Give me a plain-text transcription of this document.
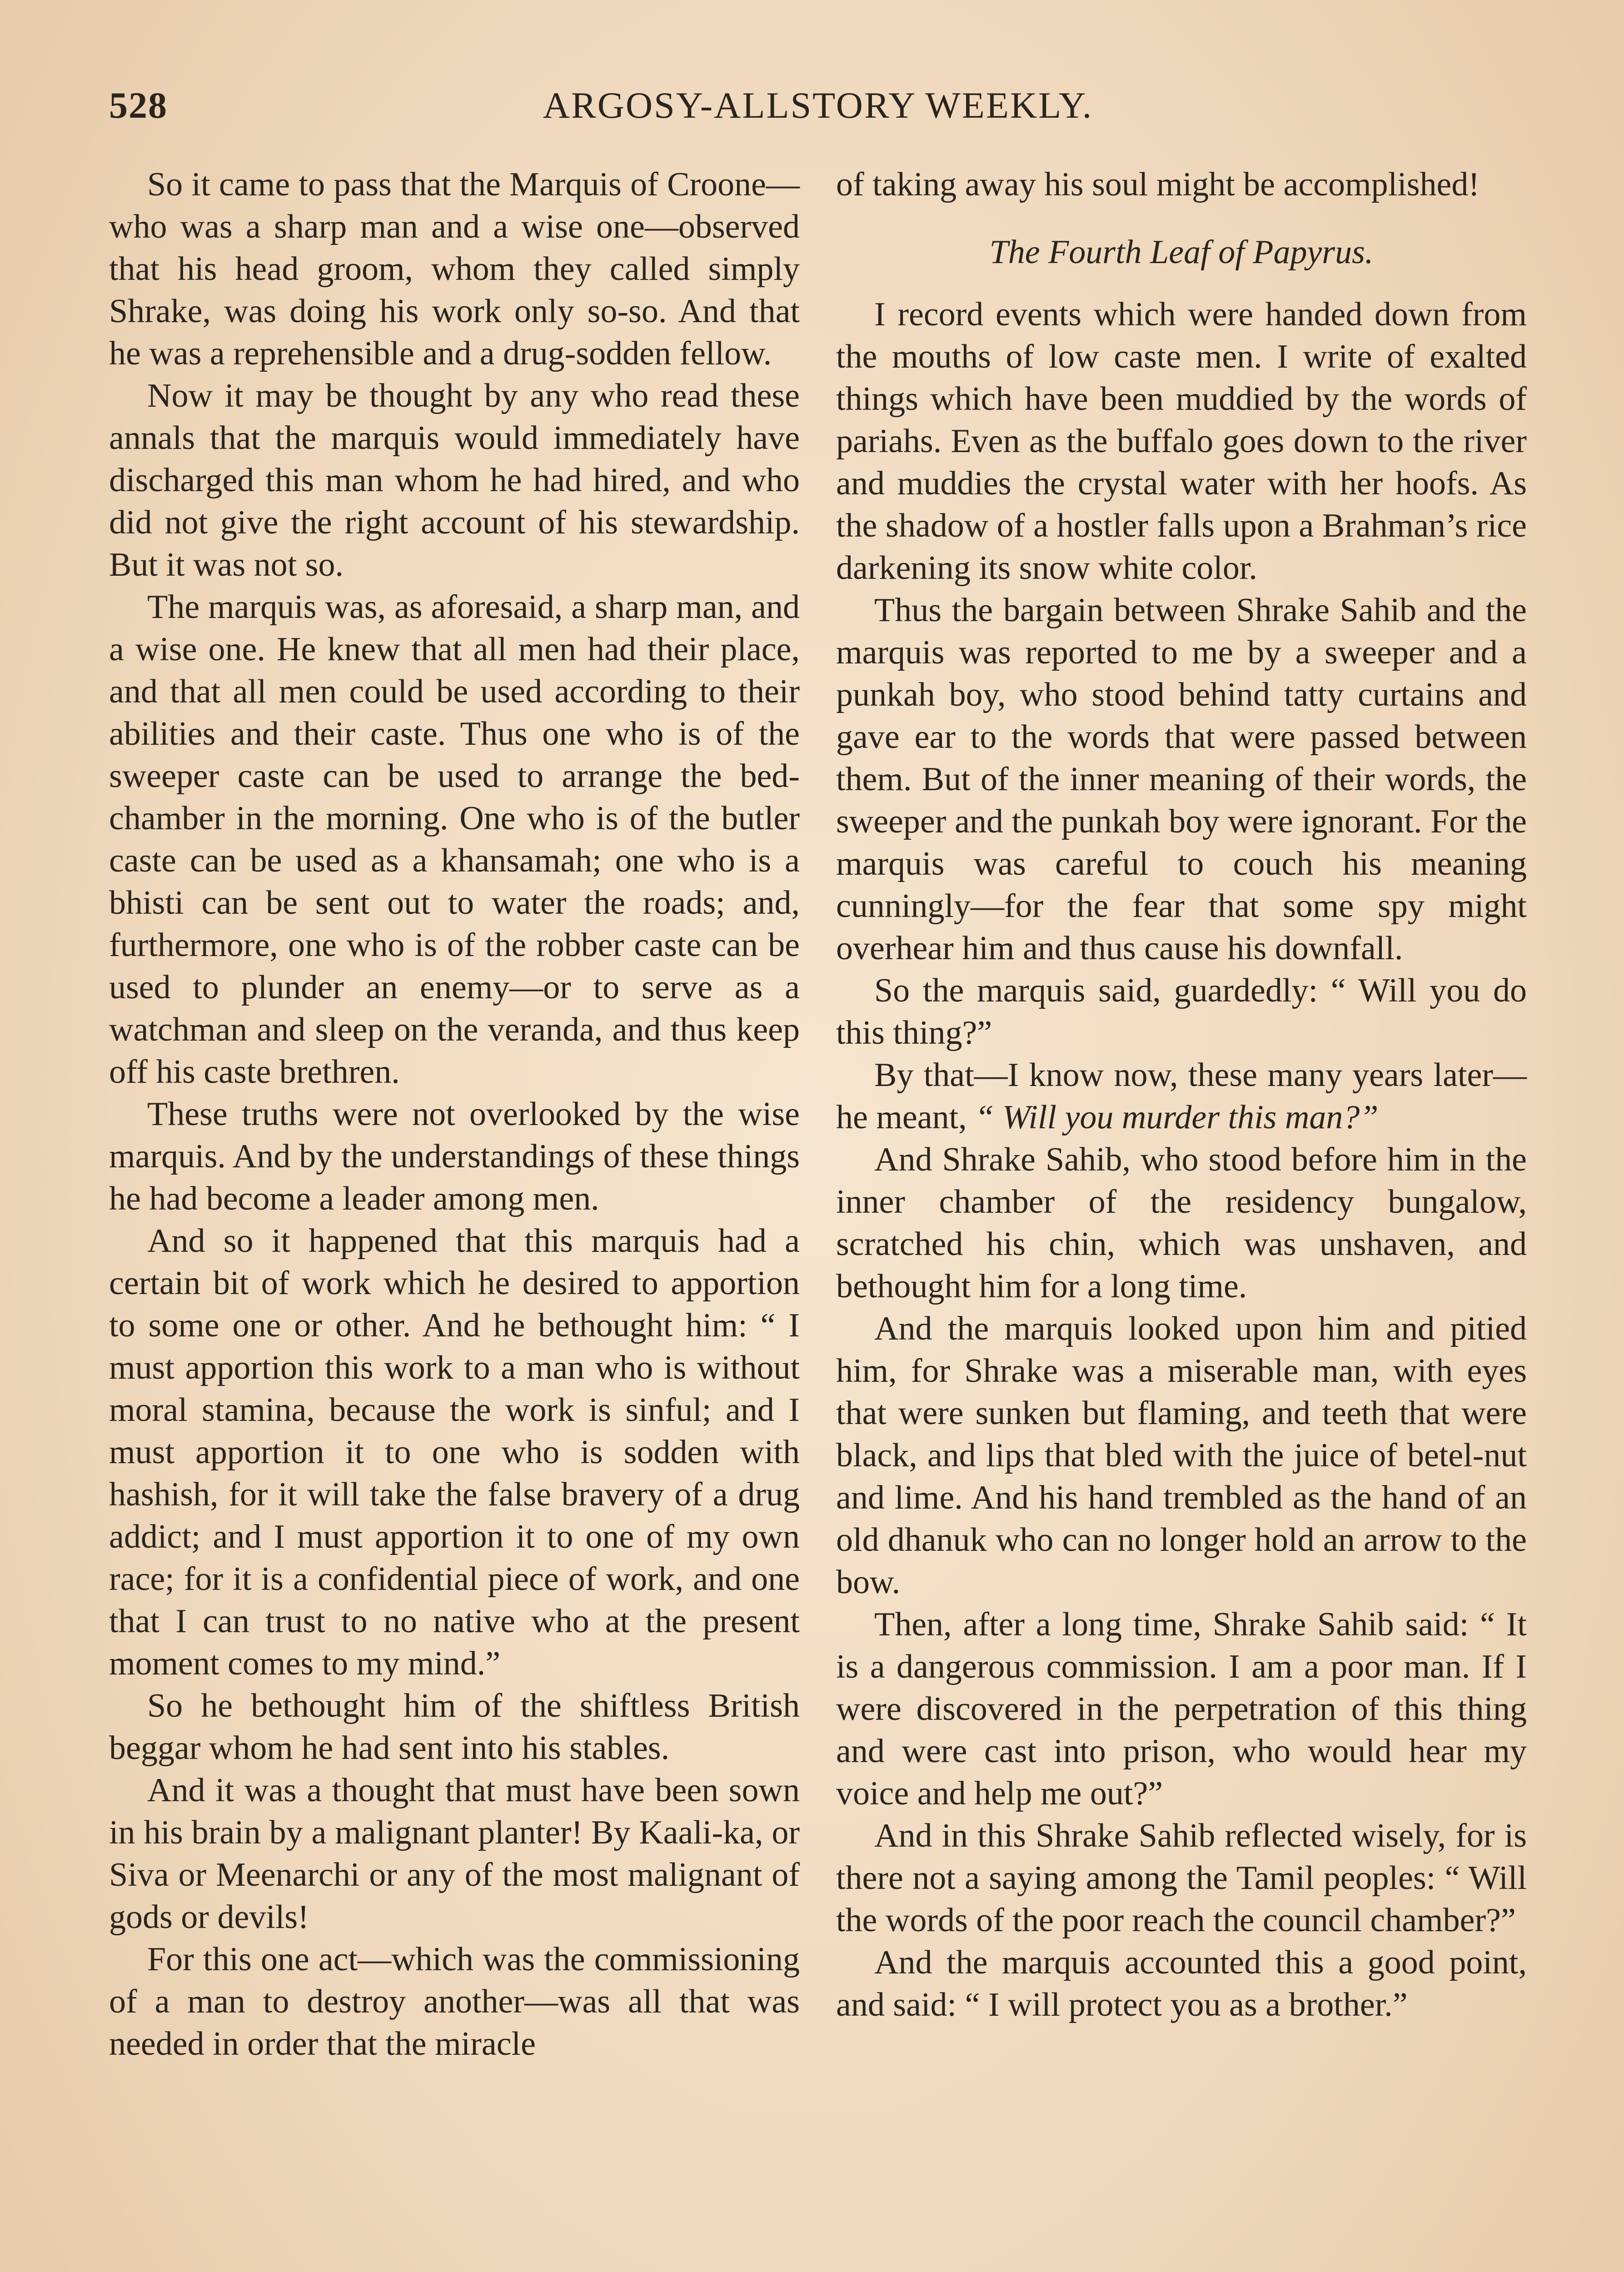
528	ARGOSY-ALLSTORY WEEKLY.

So it came to pass that the Marquis of Croone—who was a sharp man and a wise one—observed that his head groom, whom they called simply Shrake, was doing his work only so-so. And that he was a reprehensible and a drug-sodden fellow.

Now it may be thought by any who read these annals that the marquis would immediately have discharged this man whom he had hired, and who did not give the right account of his stewardship. But it was not so.

The marquis was, as aforesaid, a sharp man, and a wise one. He knew that all men had their place, and that all men could be used according to their abilities and their caste. Thus one who is of the sweeper caste can be used to arrange the bedchamber in the morning. One who is of the butler caste can be used as a khansamah; one who is a bhisti can be sent out to water the roads; and, furthermore, one who is of the robber caste can be used to plunder an enemy—or to serve as a watchman and sleep on the veranda, and thus keep off his caste brethren.

These truths were not overlooked by the wise marquis. And by the understandings of these things he had become a leader among men.

And so it happened that this marquis had a certain bit of work which he desired to apportion to some one or other. And he bethought him: “ I must apportion this work to a man who is without moral stamina, because the work is sinful; and I must apportion it to one who is sodden with hashish, for it will take the false bravery of a drug addict; and I must apportion it to one of my own race; for it is a confidential piece of work, and one that I can trust to no native who at the present moment comes to my mind.”

So he bethought him of the shiftless British beggar whom he had sent into his stables.

And it was a thought that must have been sown in his brain by a malignant planter! By Kaali-ka, or Siva or Meenarchi or any of the most malignant of gods or devils!

For this one act—which was the commissioning of a man to destroy another—was all that was needed in order that the miracle

of taking away his soul might be accomplished!

The Fourth Leaf of Papyrus.

I record events which were handed down from the mouths of low caste men. I write of exalted things which have been muddied by the words of pariahs. Even as the buffalo goes down to the river and muddies the crystal water with her hoofs. As the shadow of a hostler falls upon a Brahman’s rice darkening its snow white color.

Thus the bargain between Shrake Sahib and the marquis was reported to me by a sweeper and a punkah boy, who stood behind tatty curtains and gave ear to the words that were passed between them. But of the inner meaning of their words, the sweeper and the punkah boy were ignorant. For the marquis was careful to couch his meaning cunningly—for the fear that some spy might overhear him and thus cause his downfall.

So the marquis said, guardedly: “ Will you do this thing?”

By that—I know now, these many years later—he meant, “ Will you murder this man?”

And Shrake Sahib, who stood before him in the inner chamber of the residency bungalow, scratched his chin, which was unshaven, and bethought him for a long time.

And the marquis looked upon him and pitied him, for Shrake was a miserable man, with eyes that were sunken but flaming, and teeth that were black, and lips that bled with the juice of betel-nut and lime. And his hand trembled as the hand of an old dhanuk who can no longer hold an arrow to the bow.

Then, after a long time, Shrake Sahib said: “ It is a dangerous commission. I am a poor man. If I were discovered in the perpetration of this thing and were cast into prison, who would hear my voice and help me out?”

And in this Shrake Sahib reflected wisely, for is there not a saying among the Tamil peoples: “ Will the words of the poor reach the council chamber?”

And the marquis accounted this a good point, and said: “ I will protect you as a brother.”
